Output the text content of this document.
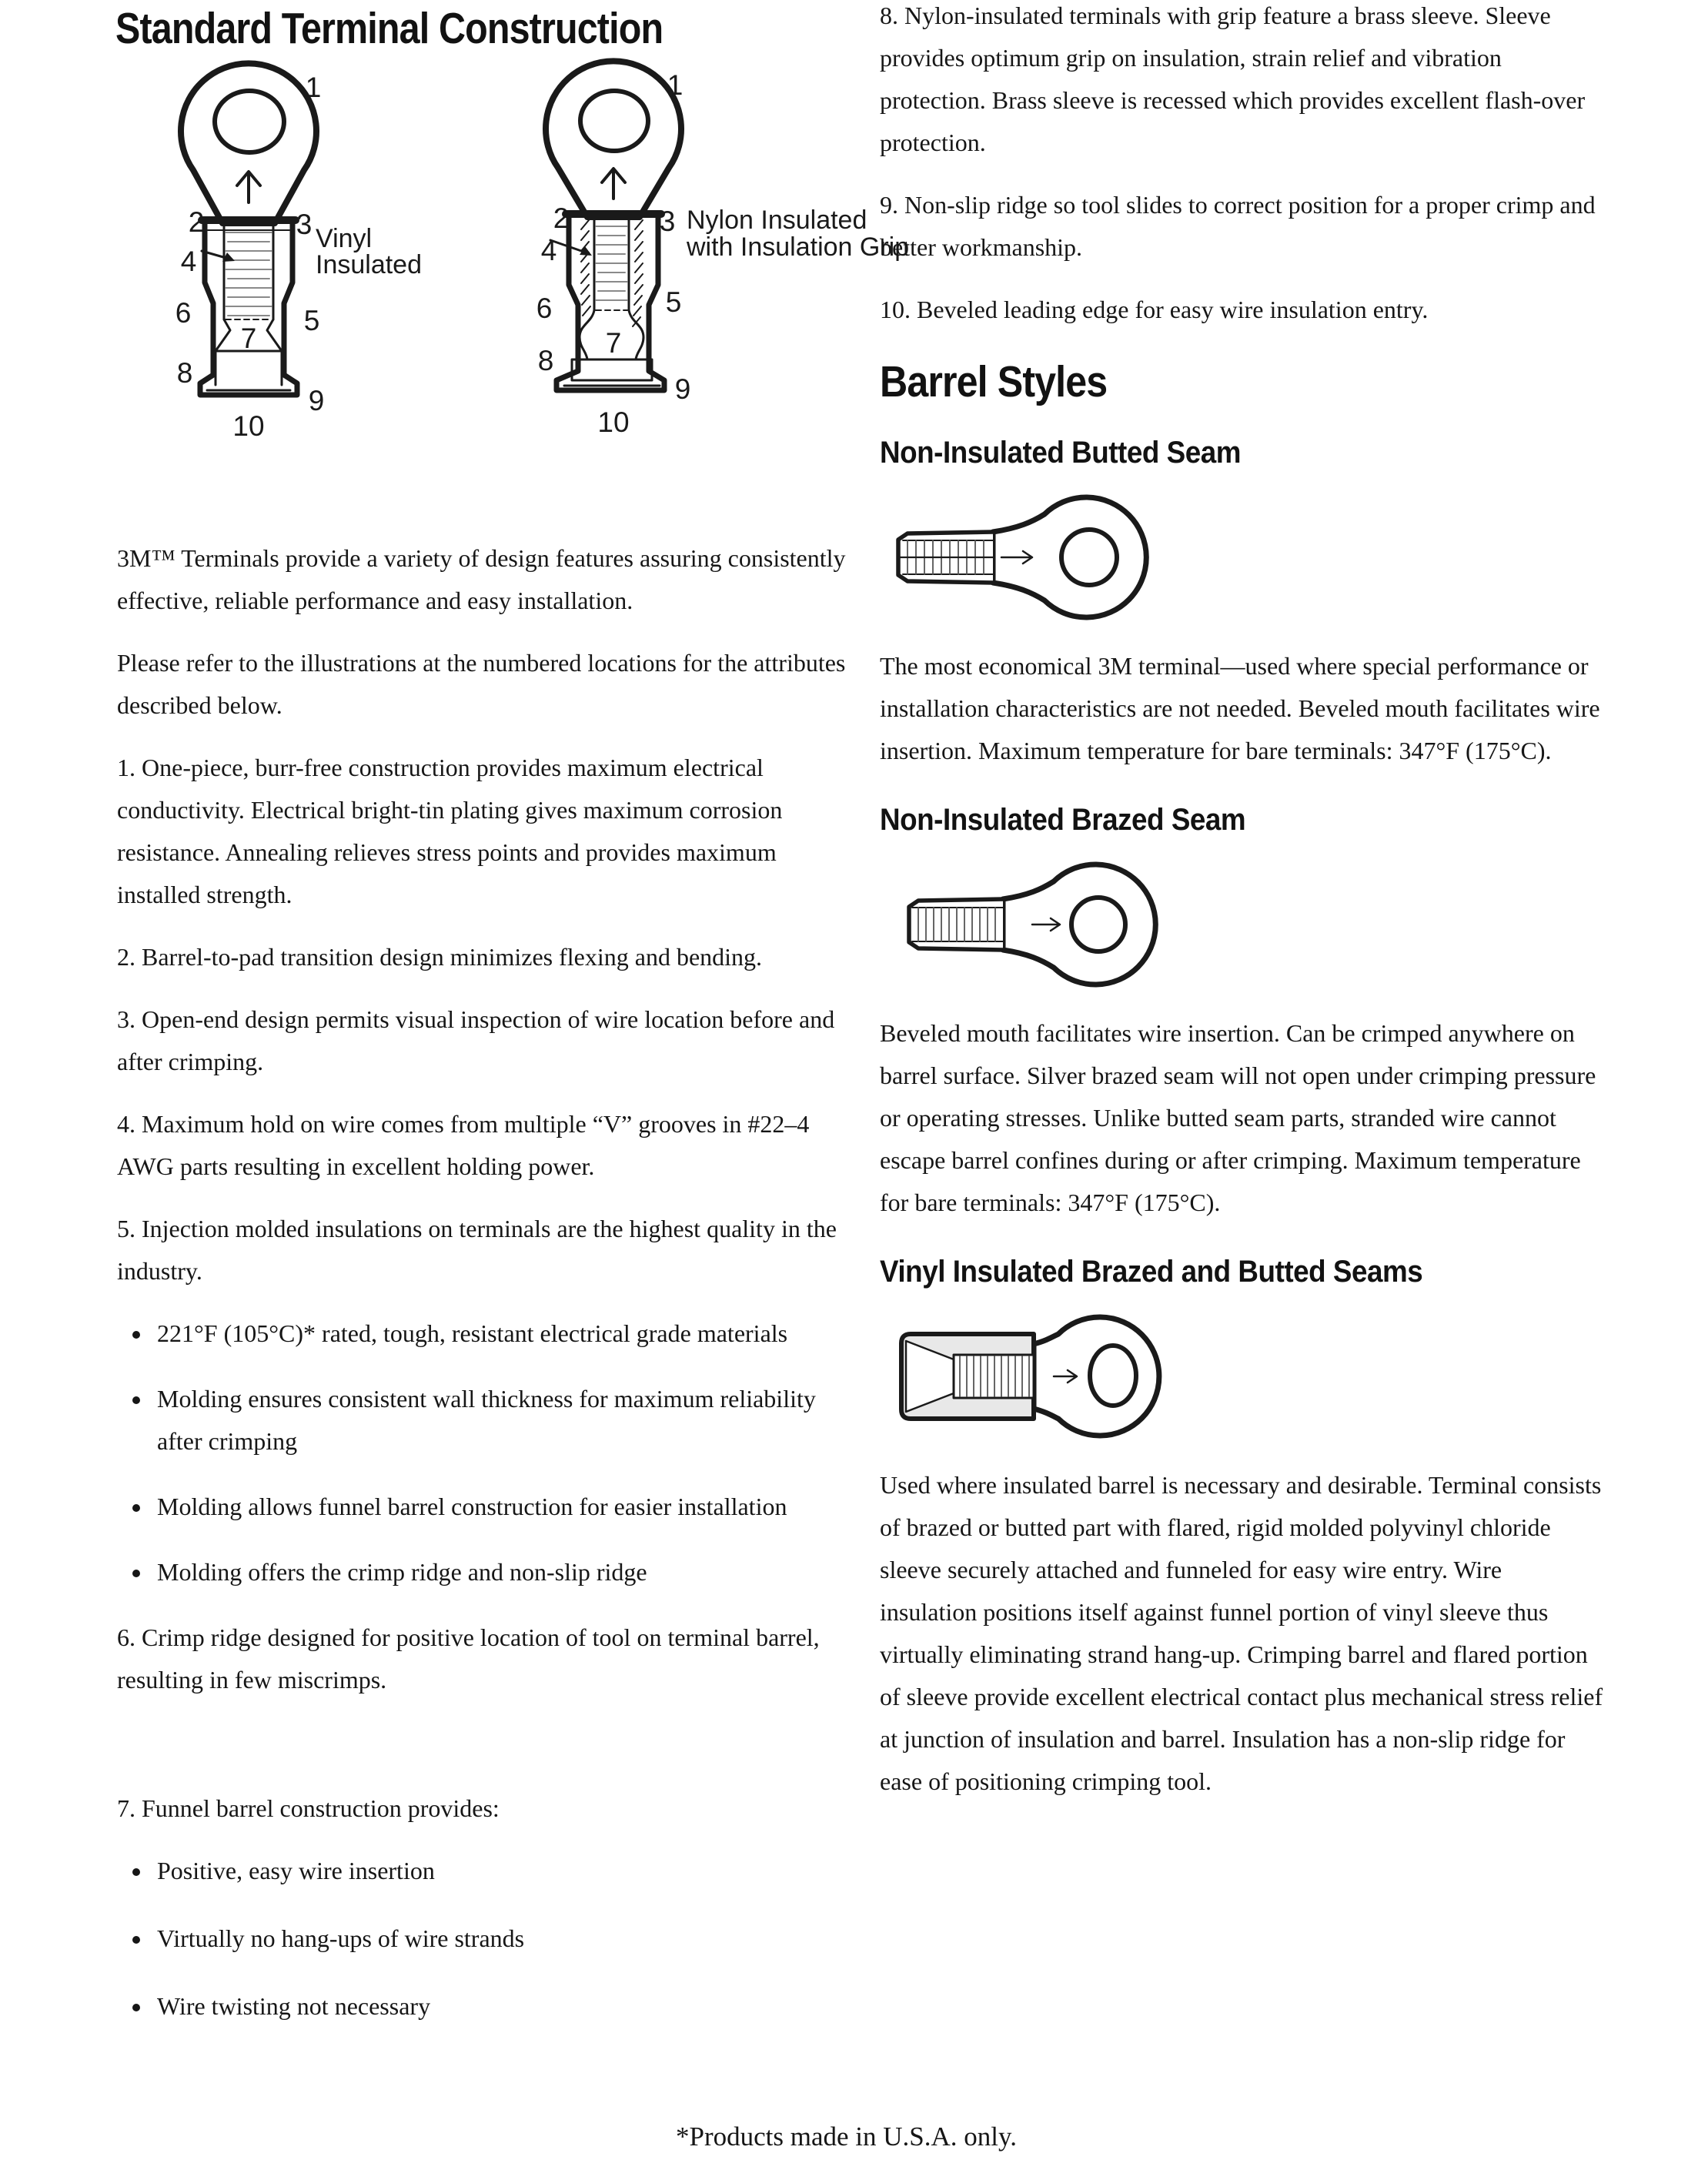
Standard Terminal Construction
1
2	3
4
5
6
7
8
9
10
Vinyl
Insulated
1
2	3
4
5
6
7
8
9
10
Nylon Insulated
with Insulation Grip

3M™ Terminals provide a variety of design features assuring consistently effective, reliable performance and easy installation.

Please refer to the illustrations at the numbered locations for the attributes described below.

1. One-piece, burr-free construction provides maximum electrical conductivity. Electrical bright-tin plating gives maximum corrosion resistance. Annealing relieves stress points and provides maximum installed strength.

2. Barrel-to-pad transition design minimizes flexing and bending.

3. Open-end design permits visual inspection of wire location before and after crimping.

4. Maximum hold on wire comes from multiple “V” grooves in #22–4 AWG parts resulting in excellent holding power.

5. Injection molded insulations on terminals are the highest quality in the industry.

• 221°F (105°C)* rated, tough, resistant electrical grade materials
• Molding ensures consistent wall thickness for maximum reliability after crimping
• Molding allows funnel barrel construction for easier installation
• Molding offers the crimp ridge and non-slip ridge

6. Crimp ridge designed for positive location of tool on terminal barrel, resulting in few miscrimps.

7. Funnel barrel construction provides:

• Positive, easy wire insertion
• Virtually no hang-ups of wire strands
• Wire twisting not necessary

8. Nylon-insulated terminals with grip feature a brass sleeve. Sleeve provides optimum grip on insulation, strain relief and vibration protection. Brass sleeve is recessed which provides excellent flash-over protection.

9. Non-slip ridge so tool slides to correct position for a proper crimp and better workmanship.

10. Beveled leading edge for easy wire insulation entry.

Barrel Styles
Non-Insulated Butted Seam

The most economical 3M terminal—used where special performance or installation characteristics are not needed. Beveled mouth facilitates wire insertion. Maximum temperature for bare terminals: 347°F (175°C).

Non-Insulated Brazed Seam

Beveled mouth facilitates wire insertion. Can be crimped anywhere on barrel surface. Silver brazed seam will not open under crimping pressure or operating stresses. Unlike butted seam parts, stranded wire cannot escape barrel confines during or after crimping. Maximum temperature for bare terminals: 347°F (175°C).

Vinyl Insulated Brazed and Butted Seams

Used where insulated barrel is necessary and desirable. Terminal consists of brazed or butted part with flared, rigid molded polyvinyl chloride sleeve securely attached and funneled for easy wire entry. Wire insulation positions itself against funnel portion of vinyl sleeve thus virtually eliminating strand hang-up. Crimping barrel and flared portion of sleeve provide excellent electrical contact plus mechanical stress relief at junction of insulation and barrel. Insulation has a non-slip ridge for ease of positioning crimping tool.

*Products made in U.S.A. only.
